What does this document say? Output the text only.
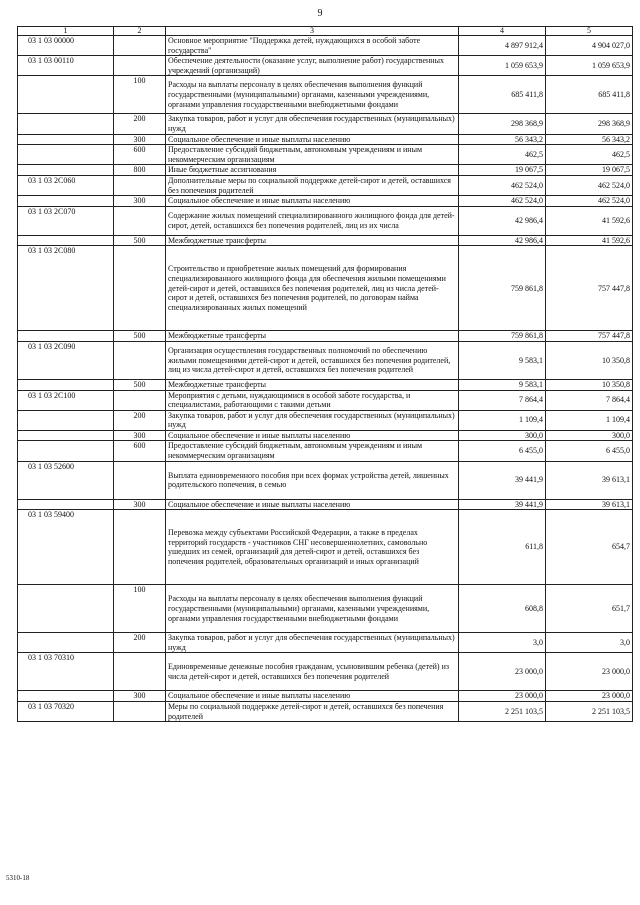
9
1	2	3	4	5
03 1 03 00000		Основное мероприятие "Поддержка детей, нуждающихся в особой заботе государства"	4 897 912,4	4 904 027,0
03 1 03 00110		Обеспечение деятельности (оказание услуг, выполнение работ) государственных учреждений (организаций)	1 059 653,9	1 059 653,9
	100	Расходы на выплаты персоналу в целях обеспечения выполнения функций государственными (муниципальными) органами, казенными учреждениями, органами управления государственными внебюджетными фондами	685 411,8	685 411,8
	200	Закупка товаров, работ и услуг для обеспечения государственных (муниципальных) нужд	298 368,9	298 368,9
	300	Социальное обеспечение и иные выплаты населению	56 343,2	56 343,2
	600	Предоставление субсидий бюджетным, автономным учреждениям и иным некоммерческим организациям	462,5	462,5
	800	Иные бюджетные ассигнования	19 067,5	19 067,5
03 1 03 2С060		Дополнительные меры по социальной поддержке детей-сирот и детей, оставшихся без попечения родителей	462 524,0	462 524,0
	300	Социальное обеспечение и иные выплаты населению	462 524,0	462 524,0
03 1 03 2С070		Содержание жилых помещений специализированного жилищного фонда для детей-сирот, детей, оставшихся без попечения родителей, лиц из их числа	42 986,4	41 592,6
	500	Межбюджетные трансферты	42 986,4	41 592,6
03 1 03 2С080		Строительство и приобретение жилых помещений для формирования специализированного жилищного фонда для обеспечения жилыми помещениями детей-сирот и детей, оставшихся без попечения родителей, лиц из числа детей-сирот и детей, оставшихся без попечения родителей, по договорам найма специализированных жилых помещений	759 861,8	757 447,8
	500	Межбюджетные трансферты	759 861,8	757 447,8
03 1 03 2С090		Организация осуществления государственных полномочий по обеспечению жилыми помещениями детей-сирот и детей, оставшихся без попечения родителей, лиц из числа детей-сирот и детей, оставшихся без попечения родителей	9 583,1	10 350,8
	500	Межбюджетные трансферты	9 583,1	10 350,8
03 1 03 2С100		Мероприятия с детьми, нуждающимися в особой заботе государства, и специалистами, работающими с такими детьми	7 864,4	7 864,4
	200	Закупка товаров, работ и услуг для обеспечения государственных (муниципальных) нужд	1 109,4	1 109,4
	300	Социальное обеспечение и иные выплаты населению	300,0	300,0
	600	Предоставление субсидий бюджетным, автономным учреждениям и иным некоммерческим организациям	6 455,0	6 455,0
03 1 03 52600		Выплата единовременного пособия при всех формах устройства детей, лишенных родительского попечения, в семью	39 441,9	39 613,1
	300	Социальное обеспечение и иные выплаты населению	39 441,9	39 613,1
03 1 03 59400		Перевозка между субъектами Российской Федерации, а также в пределах территорий государств - участников СНГ несовершеннолетних, самовольно ушедших из семей, организаций для детей-сирот и детей, оставшихся без попечения родителей, образовательных организаций и иных организаций	611,8	654,7
	100	Расходы на выплаты персоналу в целях обеспечения выполнения функций государственными (муниципальными) органами, казенными учреждениями, органами управления государственными внебюджетными фондами	608,8	651,7
	200	Закупка товаров, работ и услуг для обеспечения государственных (муниципальных) нужд	3,0	3,0
03 1 03 70310		Единовременные денежные пособия гражданам, усыновившим ребенка (детей) из числа детей-сирот и детей, оставшихся без попечения родителей	23 000,0	23 000,0
	300	Социальное обеспечение и иные выплаты населению	23 000,0	23 000,0
03 1 03 70320		Меры по социальной поддержке детей-сирот и детей, оставшихся без попечения родителей	2 251 103,5	2 251 103,5
5310-18
